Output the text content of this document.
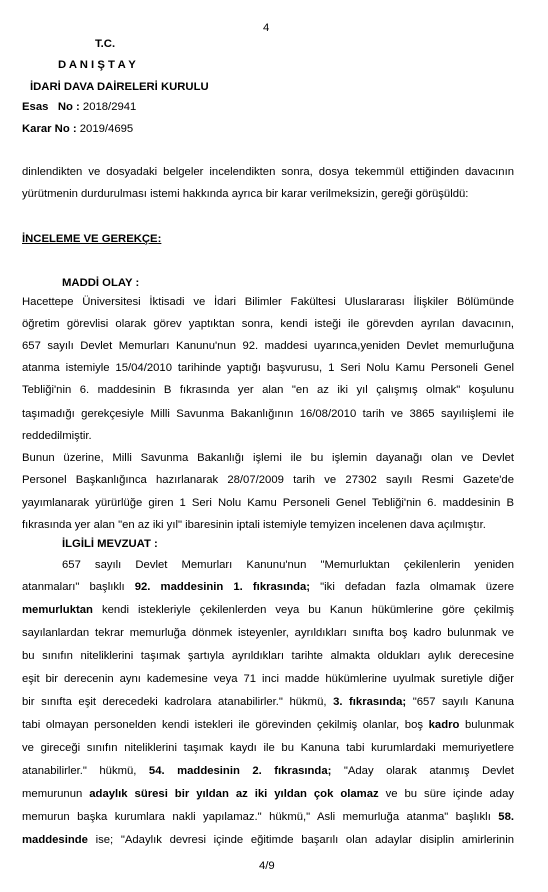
4
T.C.
D A N I Ş T A Y
İDARİ DAVA DAİRELERİ KURULU
Esas No : 2018/2941
Karar No : 2019/4695
dinlendikten ve dosyadaki belgeler incelendikten sonra, dosya tekemmül ettiğinden davacının
yürütmenin durdurulması istemi hakkında ayrıca bir karar verilmeksizin, gereği görüşüldü:
İNCELEME VE GEREKÇE:
MADDİ OLAY :
Hacettepe Üniversitesi İktisadi ve İdari Bilimler Fakültesi Uluslararası İlişkiler Bölümünde
öğretim görevlisi olarak görev yaptıktan sonra, kendi isteği ile görevden ayrılan davacının,
657 sayılı Devlet Memurları Kanunu'nun 92. maddesi uyarınca,yeniden Devlet memurluğuna
atanma istemiyle 15/04/2010 tarihinde yaptığı başvurusu, 1 Seri Nolu Kamu Personeli Genel
Tebliği'nin 6. maddesinin B fıkrasında yer alan "en az iki yıl çalışmış olmak" koşulunu
taşımadığı gerekçesiyle Milli Savunma Bakanlığının 16/08/2010 tarih ve 3865 sayılıişlemi ile
reddedilmiştir.
Bunun üzerine, Milli Savunma Bakanlığı işlemi ile bu işlemin dayanağı olan ve Devlet
Personel Başkanlığınca hazırlanarak 28/07/2009 tarih ve 27302 sayılı Resmi Gazete'de
yayımlanarak yürürlüğe giren 1 Seri Nolu Kamu Personeli Genel Tebliği'nin 6. maddesinin B
fıkrasında yer alan "en az iki yıl" ibaresinin iptali istemiyle temyizen incelenen dava açılmıştır.
İLGİLİ MEVZUAT :
657 sayılı Devlet Memurları Kanunu'nun "Memurluktan çekilenlerin yeniden
atanmaları" başlıklı 92. maddesinin 1. fıkrasında; "iki defadan fazla olmamak üzere
memurluktan kendi istekleriyle çekilenlerden veya bu Kanun hükümlerine göre çekilmiş
sayılanlardan tekrar memurluğa dönmek isteyenler, ayrıldıkları sınıfta boş kadro bulunmak ve
bu sınıfın niteliklerini taşımak şartıyla ayrıldıkları tarihte almakta oldukları aylık derecesine
eşit bir derecenin aynı kademesine veya 71 inci madde hükümlerine uyulmak suretiyle diğer
bir sınıfta eşit derecedeki kadrolara atanabilirler." hükmü, 3. fıkrasında; "657 sayılı Kanuna
tabi olmayan personelden kendi istekleri ile görevinden çekilmiş olanlar, boş kadro bulunmak
ve gireceği sınıfın niteliklerini taşımak kaydı ile bu Kanuna tabi kurumlardaki memuriyetlere
atanabilirler." hükmü, 54. maddesinin 2. fıkrasında; "Aday olarak atanmış Devlet
memurunun adaylık süresi bir yıldan az iki yıldan çok olamaz ve bu süre içinde aday
memurun başka kurumlara nakli yapılamaz." hükmü," Asli memurluğa atanma" başlıklı 58.
maddesinde ise; "Adaylık devresi içinde eğitimde başarılı olan adaylar disiplin amirlerinin
4/9
